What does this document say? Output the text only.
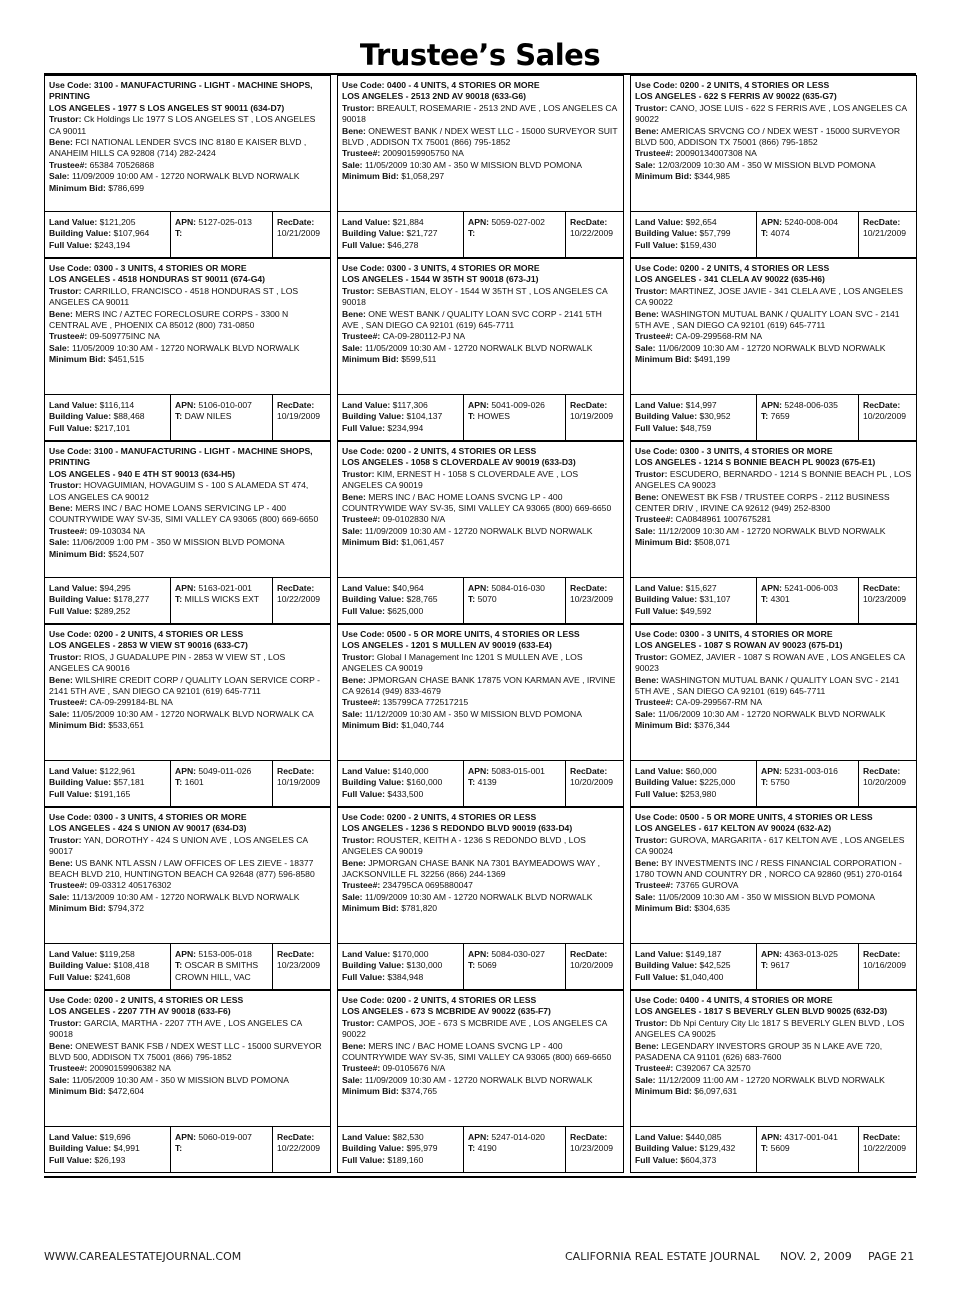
Trustee’s Sales
Use Code: 3100 - MANUFACTURING - LIGHT - MACHINE SHOPS, PRINTING
LOS ANGELES - 1977 S LOS ANGELES ST 90011 (634-D7)
Trustor: Ck Holdings Llc 1977 S LOS ANGELES ST , LOS ANGELES CA 90011
Bene: FCI NATIONAL LENDER SVCS INC 8180 E KAISER BLVD , ANAHEIM HILLS CA 92808 (714) 282-2424
Trustee#: 65384 70526868
Sale: 11/09/2009 10:00 AM - 12720 NORWALK BLVD NORWALK
Minimum Bid: $786,699
Land Value: $121,205
Building Value: $107,964
Full Value: $243,194
APN: 5127-025-013
T:
RecDate:
10/21/2009
Use Code: 0400 - 4 UNITS, 4 STORIES OR MORE
LOS ANGELES - 2513 2ND AV 90018 (633-G6)
Trustor: BREAULT, ROSEMARIE - 2513 2ND AVE , LOS ANGELES CA 90018
Bene: ONEWEST BANK / NDEX WEST LLC - 15000 SURVEYOR SUIT BLVD , ADDISON TX 75001 (866) 795-1852
Trustee#: 20090159905750 NA
Sale: 11/05/2009 10:30 AM - 350 W MISSION BLVD POMONA
Minimum Bid: $1,058,297
Land Value: $21,884
Building Value: $21,727
Full Value: $46,278
APN: 5059-027-002
T:
RecDate:
10/22/2009
Use Code: 0200 - 2 UNITS, 4 STORIES OR LESS
LOS ANGELES - 622 S FERRIS AV 90022 (635-G7)
Trustor: CANO, JOSE LUIS - 622 S FERRIS AVE , LOS ANGELES CA 90022
Bene: AMERICAS SRVCNG CO / NDEX WEST - 15000 SURVEYOR BLVD 500, ADDISON TX 75001 (866) 795-1852
Trustee#: 20090134007308 NA
Sale: 12/03/2009 10:30 AM - 350 W MISSION BLVD POMONA
Minimum Bid: $344,985
Land Value: $92,654
Building Value: $57,799
Full Value: $159,430
APN: 5240-008-004
T: 4074
RecDate:
10/21/2009
Use Code: 0300 - 3 UNITS, 4 STORIES OR MORE
LOS ANGELES - 4518 HONDURAS ST 90011 (674-G4)
Trustor: CARRILLO, FRANCISCO - 4518 HONDURAS ST , LOS ANGELES CA 90011
Bene: MERS INC / AZTEC FORECLOSURE CORPS - 3300 N CENTRAL AVE , PHOENIX CA 85012 (800) 731-0850
Trustee#: 09-509775INC NA
Sale: 11/05/2009 10:30 AM - 12720 NORWALK BLVD NORWALK
Minimum Bid: $451,515
Land Value: $116,114
Building Value: $88,468
Full Value: $217,101
APN: 5106-010-007
T: DAW NILES
RecDate:
10/19/2009
Use Code: 0300 - 3 UNITS, 4 STORIES OR MORE
LOS ANGELES - 1544 W 35TH ST 90018 (673-J1)
Trustor: SEBASTIAN, ELOY - 1544 W 35TH ST , LOS ANGELES CA 90018
Bene: ONE WEST BANK / QUALITY LOAN SVC CORP - 2141 5TH AVE , SAN DIEGO CA 92101 (619) 645-7711
Trustee#: CA-09-280112-PJ NA
Sale: 11/05/2009 10:30 AM - 12720 NORWALK BLVD NORWALK
Minimum Bid: $599,511
Land Value: $117,306
Building Value: $104,137
Full Value: $234,994
APN: 5041-009-026
T: HOWES
RecDate:
10/19/2009
Use Code: 0200 - 2 UNITS, 4 STORIES OR LESS
LOS ANGELES - 341 CLELA AV 90022 (635-H6)
Trustor: MARTINEZ, JOSE JAVIE - 341 CLELA AVE , LOS ANGELES CA 90022
Bene: WASHINGTON MUTUAL BANK / QUALITY LOAN SVC - 2141 5TH AVE , SAN DIEGO CA 92101 (619) 645-7711
Trustee#: CA-09-299568-RM NA
Sale: 11/06/2009 10:30 AM - 12720 NORWALK BLVD NORWALK
Minimum Bid: $491,199
Land Value: $14,997
Building Value: $30,952
Full Value: $48,759
APN: 5248-006-035
T: 7659
RecDate:
10/20/2009
Use Code: 3100 - MANUFACTURING - LIGHT - MACHINE SHOPS, PRINTING
LOS ANGELES - 940 E 4TH ST 90013 (634-H5)
Trustor: HOVAGUIMIAN, HOVAGUIM S - 100 S ALAMEDA ST 474, LOS ANGELES CA 90012
Bene: MERS INC / BAC HOME LOANS SERVICING LP - 400 COUNTRYWIDE WAY SV-35, SIMI VALLEY CA 93065 (800) 669-6650
Trustee#: 09-103034 NA
Sale: 11/06/2009 1:00 PM - 350 W MISSION BLVD POMONA
Minimum Bid: $524,507
Land Value: $94,295
Building Value: $178,277
Full Value: $289,252
APN: 5163-021-001
T: MILLS WICKS EXT
RecDate:
10/22/2009
Use Code: 0200 - 2 UNITS, 4 STORIES OR LESS
LOS ANGELES - 1058 S CLOVERDALE AV 90019 (633-D3)
Trustor: KIM, ERNEST H - 1058 S CLOVERDALE AVE , LOS ANGELES CA 90019
Bene: MERS INC / BAC HOME LOANS SVCNG LP - 400 COUNTRYWIDE WAY SV-35, SIMI VALLEY CA 93065 (800) 669-6650
Trustee#: 09-0102830 N/A
Sale: 11/09/2009 10:30 AM - 12720 NORWALK BLVD NORWALK
Minimum Bid: $1,061,457
Land Value: $40,964
Building Value: $28,765
Full Value: $625,000
APN: 5084-016-030
T: 5070
RecDate:
10/23/2009
Use Code: 0300 - 3 UNITS, 4 STORIES OR MORE
LOS ANGELES - 1214 S BONNIE BEACH PL 90023 (675-E1)
Trustor: ESCUDERO, BERNARDO - 1214 S BONNIE BEACH PL , LOS ANGELES CA 90023
Bene: ONEWEST BK FSB / TRUSTEE CORPS - 2112 BUSINESS CENTER DRIV , IRVINE CA 92612 (949) 252-8300
Trustee#: CA0848961 1007675281
Sale: 11/12/2009 10:30 AM - 12720 NORWALK BLVD NORWALK
Minimum Bid: $508,071
Land Value: $15,627
Building Value: $31,107
Full Value: $49,592
APN: 5241-006-003
T: 4301
RecDate:
10/23/2009
Use Code: 0200 - 2 UNITS, 4 STORIES OR LESS
LOS ANGELES - 2853 W VIEW ST 90016 (633-C7)
Trustor: RIOS, J GUADALUPE PIN - 2853 W VIEW ST , LOS ANGELES CA 90016
Bene: WILSHIRE CREDIT CORP / QUALITY LOAN SERVICE CORP - 2141 5TH AVE , SAN DIEGO CA 92101 (619) 645-7711
Trustee#: CA-09-299184-BL NA
Sale: 11/05/2009 10:30 AM - 12720 NORWALK BLVD NORWALK CA
Minimum Bid: $533,651
Land Value: $122,961
Building Value: $57,181
Full Value: $191,165
APN: 5049-011-026
T: 1601
RecDate:
10/19/2009
Use Code: 0500 - 5 OR MORE UNITS, 4 STORIES OR LESS
LOS ANGELES - 1201 S MULLEN AV 90019 (633-E4)
Trustor: Global I Management Inc 1201 S MULLEN AVE , LOS ANGELES CA 90019
Bene: JPMORGAN CHASE BANK 17875 VON KARMAN AVE , IRVINE CA 92614 (949) 833-4679
Trustee#: 135799CA 772517215
Sale: 11/12/2009 10:30 AM - 350 W MISSION BLVD POMONA
Minimum Bid: $1,040,744
Land Value: $140,000
Building Value: $160,000
Full Value: $433,500
APN: 5083-015-001
T: 4139
RecDate:
10/20/2009
Use Code: 0300 - 3 UNITS, 4 STORIES OR MORE
LOS ANGELES - 1087 S ROWAN AV 90023 (675-D1)
Trustor: GOMEZ, JAVIER - 1087 S ROWAN AVE , LOS ANGELES CA 90023
Bene: WASHINGTON MUTUAL BANK / QUALITY LOAN SVC - 2141 5TH AVE , SAN DIEGO CA 92101 (619) 645-7711
Trustee#: CA-09-299567-RM NA
Sale: 11/06/2009 10:30 AM - 12720 NORWALK BLVD NORWALK
Minimum Bid: $376,344
Land Value: $60,000
Building Value: $225,000
Full Value: $253,980
APN: 5231-003-016
T: 5750
RecDate:
10/20/2009
Use Code: 0300 - 3 UNITS, 4 STORIES OR MORE
LOS ANGELES - 424 S UNION AV 90017 (634-D3)
Trustor: YAN, DOROTHY - 424 S UNION AVE , LOS ANGELES CA 90017
Bene: US BANK NTL ASSN / LAW OFFICES OF LES ZIEVE - 18377 BEACH BLVD 210, HUNTINGTON BEACH CA 92648 (877) 596-8580
Trustee#: 09-03312 405176302
Sale: 11/13/2009 10:30 AM - 12720 NORWALK BLVD NORWALK
Minimum Bid: $794,372
Land Value: $119,258
Building Value: $108,418
Full Value: $241,608
APN: 5153-005-018
T: OSCAR B SMITHS CROWN HILL, VAC
RecDate:
10/23/2009
Use Code: 0200 - 2 UNITS, 4 STORIES OR LESS
LOS ANGELES - 1236 S REDONDO BLVD 90019 (633-D4)
Trustor: ROUSTER, KEITH A - 1236 S REDONDO BLVD , LOS ANGELES CA 90019
Bene: JPMORGAN CHASE BANK NA 7301 BAYMEADOWS WAY , JACKSONVILLE FL 32256 (866) 244-1369
Trustee#: 234795CA 0695880047
Sale: 11/09/2009 10:30 AM - 12720 NORWALK BLVD NORWALK
Minimum Bid: $781,820
Land Value: $170,000
Building Value: $130,000
Full Value: $384,948
APN: 5084-030-027
T: 5069
RecDate:
10/20/2009
Use Code: 0500 - 5 OR MORE UNITS, 4 STORIES OR LESS
LOS ANGELES - 617 KELTON AV 90024 (632-A2)
Trustor: GUROVA, MARGARITA - 617 KELTON AVE , LOS ANGELES CA 90024
Bene: BY INVESTMENTS INC / RESS FINANCIAL CORPORATION - 1780 TOWN AND COUNTRY DR , NORCO CA 92860 (951) 270-0164
Trustee#: 73765 GUROVA
Sale: 11/05/2009 10:30 AM - 350 W MISSION BLVD POMONA
Minimum Bid: $304,635
Land Value: $149,187
Building Value: $42,525
Full Value: $1,040,400
APN: 4363-013-025
T: 9617
RecDate:
10/16/2009
Use Code: 0200 - 2 UNITS, 4 STORIES OR LESS
LOS ANGELES - 2207 7TH AV 90018 (633-F6)
Trustor: GARCIA, MARTHA - 2207 7TH AVE , LOS ANGELES CA 90018
Bene: ONEWEST BANK FSB / NDEX WEST LLC - 15000 SURVEYOR BLVD 500, ADDISON TX 75001 (866) 795-1852
Trustee#: 20090159906382 NA
Sale: 11/05/2009 10:30 AM - 350 W MISSION BLVD POMONA
Minimum Bid: $472,604
Land Value: $19,696
Building Value: $4,991
Full Value: $26,193
APN: 5060-019-007
T:
RecDate:
10/22/2009
Use Code: 0200 - 2 UNITS, 4 STORIES OR LESS
LOS ANGELES - 673 S MCBRIDE AV 90022 (635-F7)
Trustor: CAMPOS, JOE - 673 S MCBRIDE AVE , LOS ANGELES CA 90022
Bene: MERS INC / BAC HOME LOANS SVCNG LP - 400 COUNTRYWIDE WAY SV-35, SIMI VALLEY CA 93065 (800) 669-6650
Trustee#: 09-0105676 N/A
Sale: 11/09/2009 10:30 AM - 12720 NORWALK BLVD NORWALK
Minimum Bid: $374,765
Land Value: $82,530
Building Value: $95,979
Full Value: $189,160
APN: 5247-014-020
T: 4190
RecDate:
10/23/2009
Use Code: 0400 - 4 UNITS, 4 STORIES OR MORE
LOS ANGELES - 1817 S BEVERLY GLEN BLVD 90025 (632-D3)
Trustor: Db Npi Century City Llc 1817 S BEVERLY GLEN BLVD , LOS ANGELES CA 90025
Bene: LEGENDARY INVESTORS GROUP 35 N LAKE AVE 720, PASADENA CA 91101 (626) 683-7600
Trustee#: C392067 CA 32570
Sale: 11/12/2009 11:00 AM - 12720 NORWALK BLVD NORWALK
Minimum Bid: $6,097,631
Land Value: $440,085
Building Value: $129,432
Full Value: $604,373
APN: 4317-001-041
T: 5609
RecDate:
10/22/2009
WWW.CAREALESTATEJOURNAL.COM	CALIFORNIA REAL ESTATE JOURNAL NOV. 2, 2009 PAGE 21
